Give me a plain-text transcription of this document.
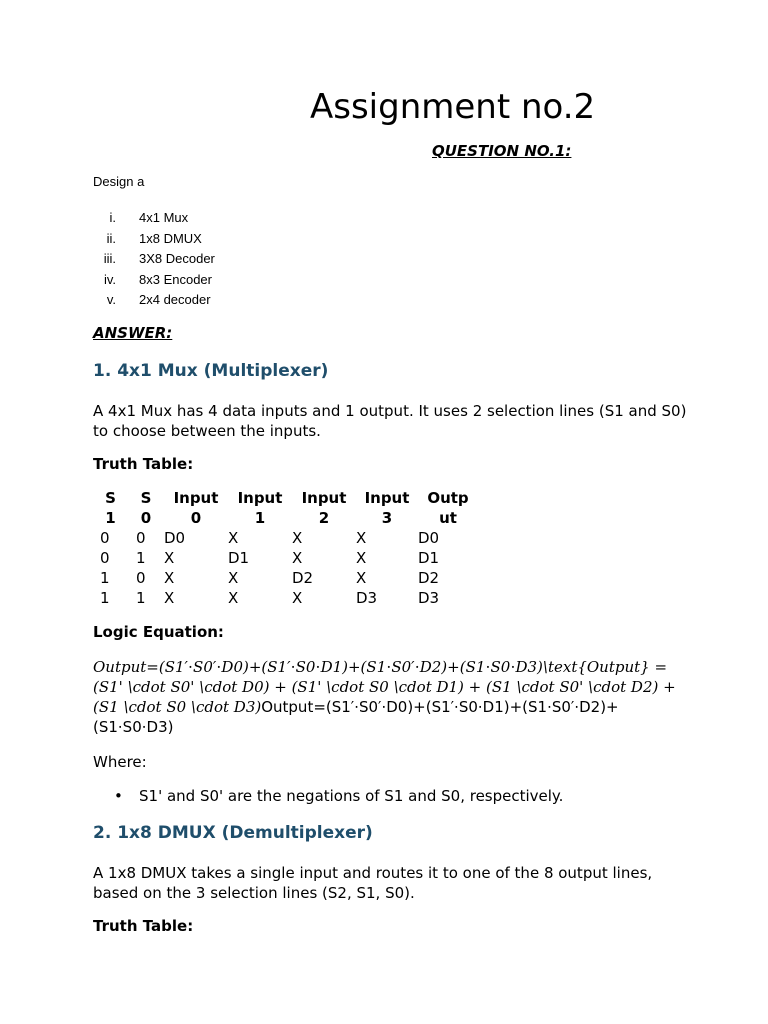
Assignment no.2
QUESTION NO.1:
Design a
i. 4x1 Mux
ii. 1x8 DMUX
iii. 3X8 Decoder
iv. 8x3 Encoder
v. 2x4 decoder
ANSWER:
1. 4x1 Mux (Multiplexer)

A 4x1 Mux has 4 data inputs and 1 output. It uses 2 selection lines (S1 and S0) to choose between the inputs.

Truth Table:
S	S	Input	Input	Input	Input	Outp
1	0	0	1	2	3	ut
0	0	D0	X	X	X	D0
0	1	X	D1	X	X	D1
1	0	X	X	D2	X	D2
1	1	X	X	X	D3	D3
Logic Equation:

Output=(S1′⋅S0′⋅D0)+(S1′⋅S0⋅D1)+(S1⋅S0′⋅D2)+(S1⋅S0⋅D3)\text{Output} = (S1' \cdot S0' \cdot D0) + (S1' \cdot S0 \cdot D1) + (S1 \cdot S0' \cdot D2) + (S1 \cdot S0 \cdot D3)Output=(S1′⋅S0′⋅D0)+(S1′⋅S0⋅D1)+(S1⋅S0′⋅D2)+(S1⋅S0⋅D3)

Where:
• S1' and S0' are the negations of S1 and S0, respectively.
2. 1x8 DMUX (Demultiplexer)

A 1x8 DMUX takes a single input and routes it to one of the 8 output lines, based on the 3 selection lines (S2, S1, S0).

Truth Table:
